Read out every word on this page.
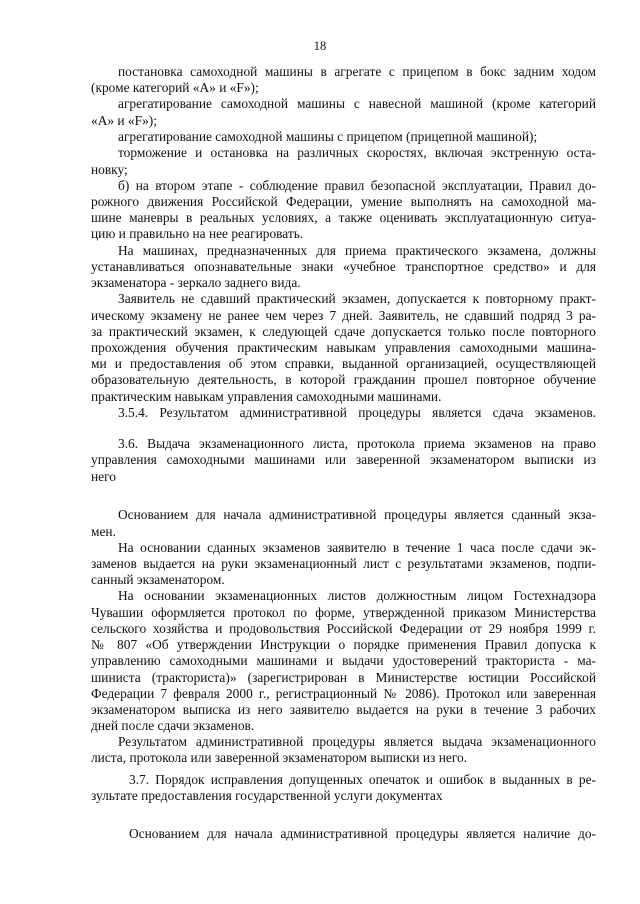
18
постановка самоходной машины в агрегате с прицепом в бокс задним ходом
(кроме категорий «А» и «F»);
агрегатирование самоходной машины с навесной машиной (кроме категорий
«А» и «F»);
агрегатирование самоходной машины с прицепом (прицепной машиной);
торможение и остановка на различных скоростях, включая экстренную оста-
новку;
б) на втором этапе - соблюдение правил безопасной эксплуатации, Правил до-
рожного движения Российской Федерации, умение выполнять на самоходной ма-
шине маневры в реальных условиях, а также оценивать эксплуатационную ситуа-
цию и правильно на нее реагировать.
На машинах, предназначенных для приема практического экзамена, должны
устанавливаться опознавательные знаки «учебное транспортное средство» и для
экзаменатора - зеркало заднего вида.
Заявитель не сдавший практический экзамен, допускается к повторному практ-
ическому экзамену не ранее чем через 7 дней. Заявитель, не сдавший подряд 3 ра-
за практический экзамен, к следующей сдаче допускается только после повторного
прохождения обучения практическим навыкам управления самоходными машина-
ми и предоставления об этом справки, выданной организацией, осуществляющей
образовательную деятельность, в которой гражданин прошел повторное обучение
практическим навыкам управления самоходными машинами.
3.5.4. Результатом административной процедуры является сдача экзаменов.
3.6. Выдача экзаменационного листа, протокола приема экзаменов на право
управления самоходными машинами или заверенной экзаменатором выписки из
него
Основанием для начала административной процедуры является сданный экза-
мен.
На основании сданных экзаменов заявителю в течение 1 часа после сдачи эк-
заменов выдается на руки экзаменационный лист с результатами экзаменов, подпи-
санный экзаменатором.
На основании экзаменационных листов должностным лицом Гостехнадзора
Чувашии оформляется протокол по форме, утвержденной приказом Министерства
сельского хозяйства и продовольствия Российской Федерации от 29 ноября 1999 г.
№ 807 «Об утверждении Инструкции о порядке применения Правил допуска к
управлению самоходными машинами и выдачи удостоверений тракториста - ма-
шиниста (тракториста)» (зарегистрирован в Министерстве юстиции Российской
Федерации 7 февраля 2000 г., регистрационный № 2086). Протокол или заверенная
экзаменатором выписка из него заявителю выдается на руки в течение 3 рабочих
дней после сдачи экзаменов.
Результатом административной процедуры является выдача экзаменационного
листа, протокола или заверенной экзаменатором выписки из него.
3.7. Порядок исправления допущенных опечаток и ошибок в выданных в ре-
зультате предоставления государственной услуги документах
Основанием для начала административной процедуры является наличие до-
